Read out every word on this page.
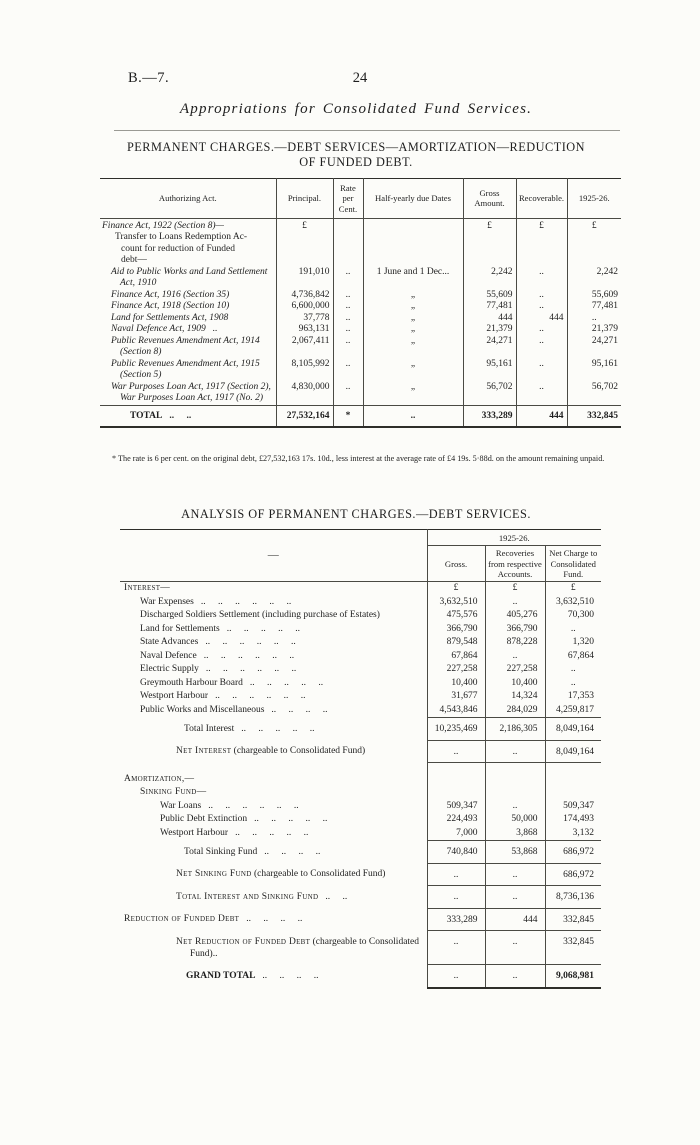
B.—7.	24
Appropriations for Consolidated Fund Services.
PERMANENT CHARGES.—DEBT SERVICES—AMORTIZATION—REDUCTION
OF FUNDED DEBT.
Authorizing Act.	Principal.	Rate per Cent.	Half-yearly due Dates	Gross Amount.	Recoverable.	1925-26.

Finance Act, 1922 (Section 8)—
Transfer to Loans Redemption Ac-
count for reduction of Funded
debt—	£			£	£	£
Aid to Public Works and Land Settlement Act, 1910	191,010	..	1 June and 1 Dec...	2,242	..	2,242
Finance Act, 1916 (Section 35)	4,736,842	..	„	55,609	..	55,609
Finance Act, 1918 (Section 10)	6,600,000	..	„	77,481	..	77,481
Land for Settlements Act, 1908	37,778	..	„	444	444	..
Naval Defence Act, 1909 ..	963,131	..	„	21,379	..	21,379
Public Revenues Amendment Act, 1914 (Section 8)	2,067,411	..	„	24,271	..	24,271
Public Revenues Amendment Act, 1915 (Section 5)	8,105,992	..	„	95,161	..	95,161
War Purposes Loan Act, 1917 (Section 2), War Purposes Loan Act, 1917 (No. 2)	4,830,000	..	„	56,702	..	56,702
TOTAL .. ..	27,532,164	*	..	333,289	444	332,845
* The rate is 6 per cent. on the original debt, £27,532,163 17s. 10d., less interest at the average rate of £4 19s. 5·88d. on the amount remaining unpaid.
ANALYSIS OF PERMANENT CHARGES.—DEBT SERVICES.
—	1925-26.		
	Gross.	Recoveries from respective Accounts.	Net Charge to Consolidated Fund.
Interest—	£	£	£
War Expenses .. .. .. .. .. ..	3,632,510	..	3,632,510
Discharged Soldiers Settlement (including purchase of Estates)	475,576	405,276	70,300
Land for Settlements .. .. .. .. ..	366,790	366,790	..
State Advances .. .. .. .. .. ..	879,548	878,228	1,320
Naval Defence .. .. .. .. .. ..	67,864	..	67,864
Electric Supply .. .. .. .. .. ..	227,258	227,258	..
Greymouth Harbour Board .. .. .. .. ..	10,400	10,400	..
Westport Harbour .. .. .. .. .. ..	31,677	14,324	17,353
Public Works and Miscellaneous .. .. .. ..	4,543,846	284,029	4,259,817
Total Interest .. .. .. .. ..	10,235,469	2,186,305	8,049,164
Net Interest (chargeable to Consolidated Fund)	..	..	8,049,164
Amortization,—			
Sinking Fund—			
War Loans .. .. .. .. .. ..	509,347	..	509,347
Public Debt Extinction .. .. .. .. ..	224,493	50,000	174,493
Westport Harbour .. .. .. .. ..	7,000	3,868	3,132
Total Sinking Fund .. .. .. ..	740,840	53,868	686,972
Net Sinking Fund (chargeable to Consolidated Fund)	..	..	686,972
Total Interest and Sinking Fund .. ..	..	..	8,736,136
Reduction of Funded Debt .. .. .. ..	333,289	444	332,845
Net Reduction of Funded Debt (chargeable to Consolidated Fund)..	..	..	332,845
GRAND TOTAL .. .. .. ..	..	..	9,068,981
